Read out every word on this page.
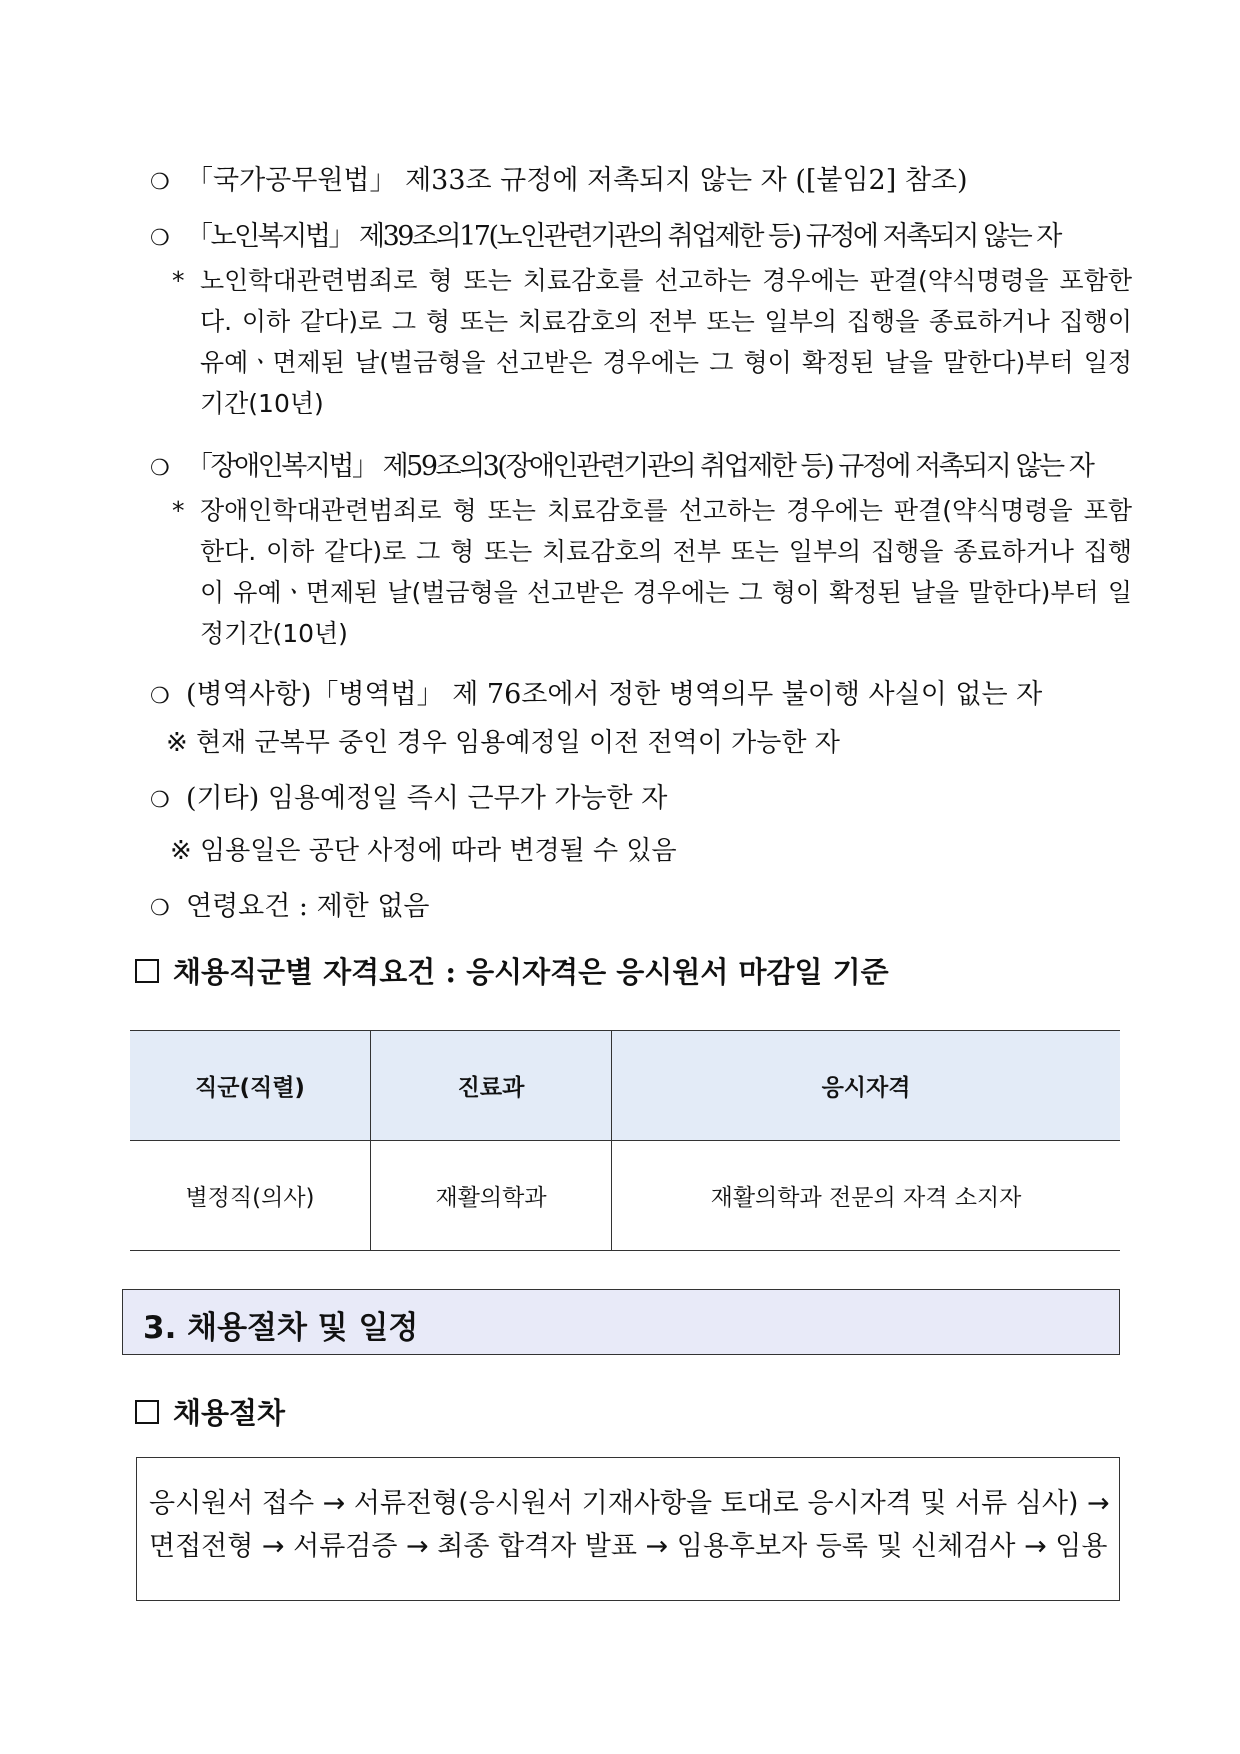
❍ 「국가공무원법」 제33조 규정에 저촉되지 않는 자 ([붙임2] 참조)
❍ 「노인복지법」 제39조의17(노인관련기관의 취업제한 등) 규정에 저촉되지 않는 자
* 노인학대관련범죄로 형 또는 치료감호를 선고하는 경우에는 판결(약식명령을 포함한다. 이하 같다)로 그 형 또는 치료감호의 전부 또는 일부의 집행을 종료하거나 집행이 유예ㆍ면제된 날(벌금형을 선고받은 경우에는 그 형이 확정된 날을 말한다)부터 일정기간(10년)
❍ 「장애인복지법」 제59조의3(장애인관련기관의 취업제한 등) 규정에 저촉되지 않는 자
* 장애인학대관련범죄로 형 또는 치료감호를 선고하는 경우에는 판결(약식명령을 포함한다. 이하 같다)로 그 형 또는 치료감호의 전부 또는 일부의 집행을 종료하거나 집행이 유예ㆍ면제된 날(벌금형을 선고받은 경우에는 그 형이 확정된 날을 말한다)부터 일정기간(10년)
❍ (병역사항)「병역법」 제 76조에서 정한 병역의무 불이행 사실이 없는 자
※ 현재 군복무 중인 경우 임용예정일 이전 전역이 가능한 자
❍ (기타) 임용예정일 즉시 근무가 가능한 자
※ 임용일은 공단 사정에 따라 변경될 수 있음
❍ 연령요건 : 제한 없음
채용직군별 자격요건 : 응시자격은 응시원서 마감일 기준
직군(직렬)	진료과	응시자격
별정직(의사)	재활의학과	재활의학과 전문의 자격 소지자
3. 채용절차 및 일정
채용절차
응시원서 접수 → 서류전형(응시원서 기재사항을 토대로 응시자격 및 서류 심사) →
면접전형 → 서류검증 → 최종 합격자 발표 → 임용후보자 등록 및 신체검사 → 임용
